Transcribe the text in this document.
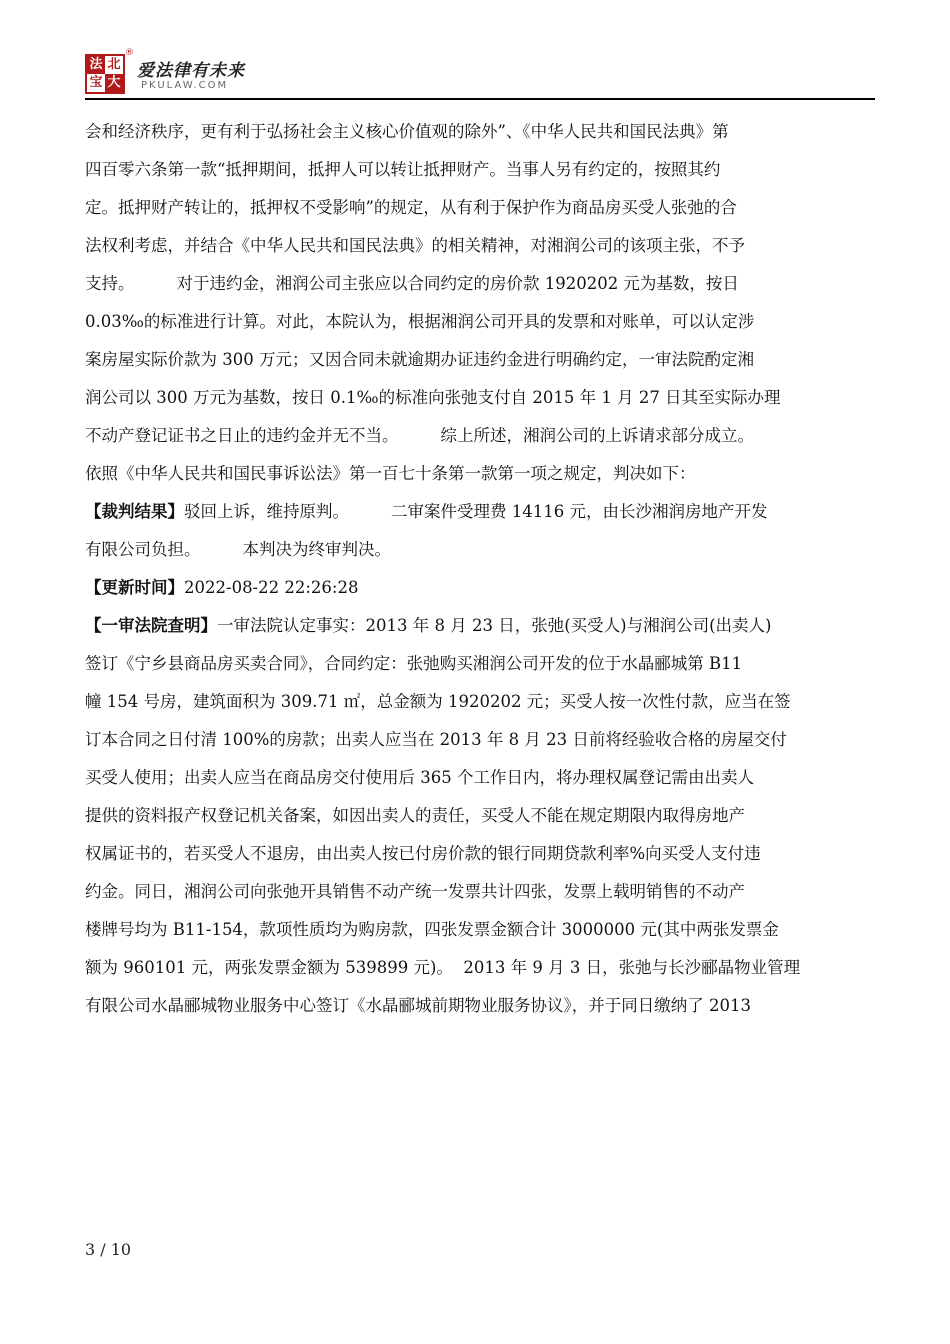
法 北
宝 大
®
爱法律有未来
PKULAW.COM
会和经济秩序，更有利于弘扬社会主义核心价值观的除外”、《中华人民共和国民法典》第
四百零六条第一款“抵押期间，抵押人可以转让抵押财产。当事人另有约定的，按照其约
定。抵押财产转让的，抵押权不受影响”的规定，从有利于保护作为商品房买受人张弛的合
法权利考虑，并结合《中华人民共和国民法典》的相关精神，对湘润公司的该项主张，不予
支持。        对于违约金，湘润公司主张应以合同约定的房价款 1920202 元为基数，按日
0.03‰的标准进行计算。对此，本院认为，根据湘润公司开具的发票和对账单，可以认定涉
案房屋实际价款为 300 万元；又因合同未就逾期办证违约金进行明确约定，一审法院酌定湘
润公司以 300 万元为基数，按日 0.1‰的标准向张弛支付自 2015 年 1 月 27 日其至实际办理
不动产登记证书之日止的违约金并无不当。        综上所述，湘润公司的上诉请求部分成立。
依照《中华人民共和国民事诉讼法》第一百七十条第一款第一项之规定，判决如下：
【裁判结果】驳回上诉，维持原判。        二审案件受理费 14116 元，由长沙湘润房地产开发
有限公司负担。        本判决为终审判决。
【更新时间】2022-08-22 22:26:28
【一审法院查明】一审法院认定事实：2013 年 8 月 23 日，张弛(买受人)与湘润公司(出卖人)
签订《宁乡县商品房买卖合同》，合同约定：张弛购买湘润公司开发的位于水晶郦城第 B11
幢 154 号房，建筑面积为 309.71 ㎡，总金额为 1920202 元；买受人按一次性付款，应当在签
订本合同之日付清 100%的房款；出卖人应当在 2013 年 8 月 23 日前将经验收合格的房屋交付
买受人使用；出卖人应当在商品房交付使用后 365 个工作日内，将办理权属登记需由出卖人
提供的资料报产权登记机关备案，如因出卖人的责任，买受人不能在规定期限内取得房地产
权属证书的，若买受人不退房，由出卖人按已付房价款的银行同期贷款利率%向买受人支付违
约金。同日，湘润公司向张弛开具销售不动产统一发票共计四张，发票上载明销售的不动产
楼牌号均为 B11-154，款项性质均为购房款，四张发票金额合计 3000000 元(其中两张发票金
额为 960101 元，两张发票金额为 539899 元)。  2013 年 9 月 3 日，张弛与长沙郦晶物业管理
有限公司水晶郦城物业服务中心签订《水晶郦城前期物业服务协议》，并于同日缴纳了 2013
3 / 10
